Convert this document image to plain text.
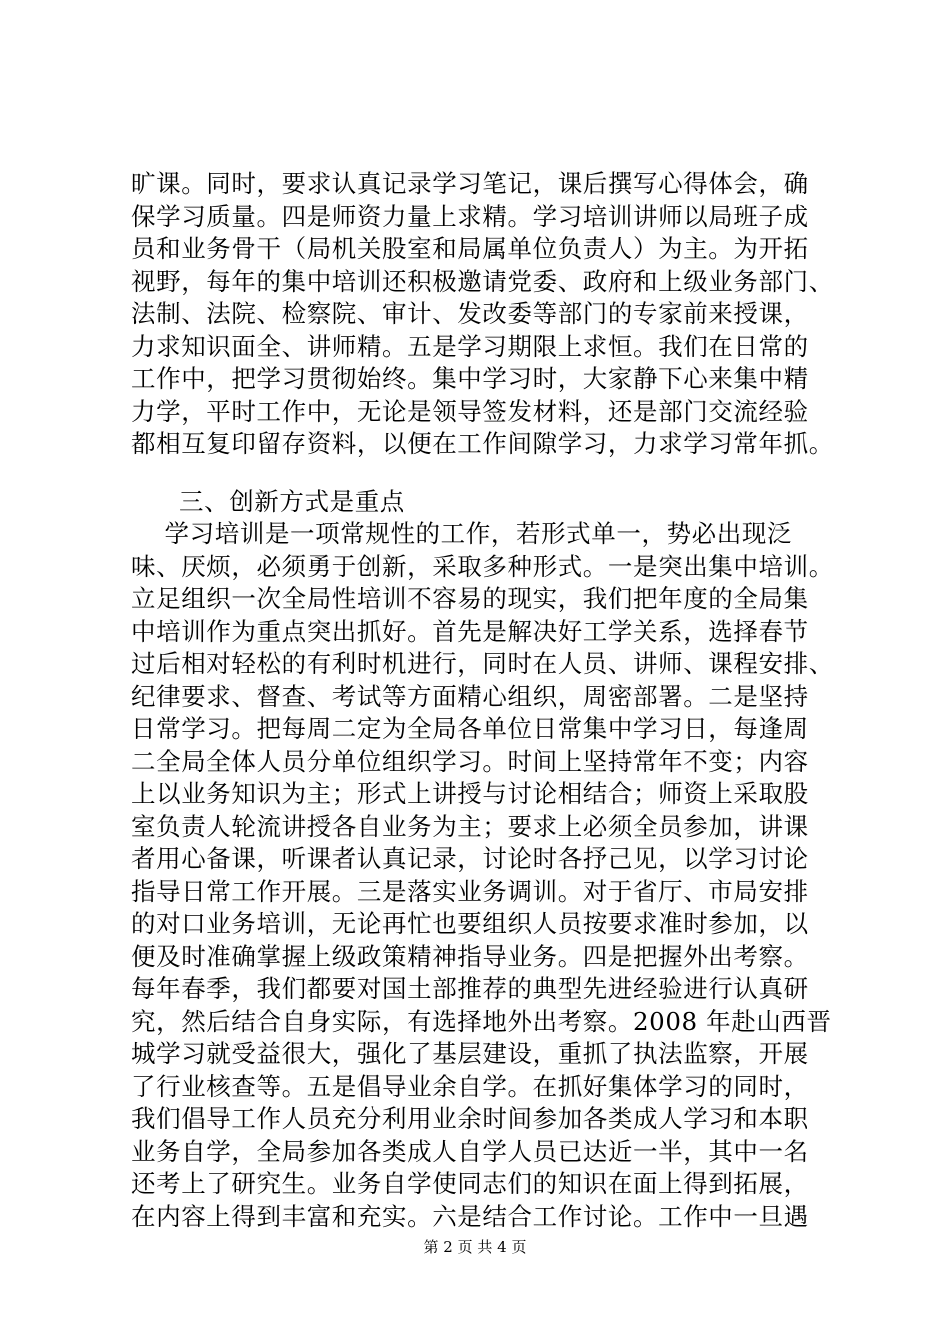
旷课。同时，要求认真记录学习笔记，课后撰写心得体会，确
保学习质量。四是师资力量上求精。学习培训讲师以局班子成
员和业务骨干（局机关股室和局属单位负责人）为主。为开拓
视野，每年的集中培训还积极邀请党委、政府和上级业务部门、
法制、法院、检察院、审计、发改委等部门的专家前来授课，
力求知识面全、讲师精。五是学习期限上求恒。我们在日常的
工作中，把学习贯彻始终。集中学习时，大家静下心来集中精
力学，平时工作中，无论是领导签发材料，还是部门交流经验
都相互复印留存资料，以便在工作间隙学习，力求学习常年抓。
三、创新方式是重点
学习培训是一项常规性的工作，若形式单一，势必出现泛
味、厌烦，必须勇于创新，采取多种形式。一是突出集中培训。
立足组织一次全局性培训不容易的现实，我们把年度的全局集
中培训作为重点突出抓好。首先是解决好工学关系，选择春节
过后相对轻松的有利时机进行，同时在人员、讲师、课程安排、
纪律要求、督查、考试等方面精心组织，周密部署。二是坚持
日常学习。把每周二定为全局各单位日常集中学习日，每逢周
二全局全体人员分单位组织学习。时间上坚持常年不变；内容
上以业务知识为主；形式上讲授与讨论相结合；师资上采取股
室负责人轮流讲授各自业务为主；要求上必须全员参加，讲课
者用心备课，听课者认真记录，讨论时各抒己见，以学习讨论
指导日常工作开展。三是落实业务调训。对于省厅、市局安排
的对口业务培训，无论再忙也要组织人员按要求准时参加，以
便及时准确掌握上级政策精神指导业务。四是把握外出考察。
每年春季，我们都要对国土部推荐的典型先进经验进行认真研
究，然后结合自身实际，有选择地外出考察。2008 年赴山西晋
城学习就受益很大，强化了基层建设，重抓了执法监察，开展
了行业核查等。五是倡导业余自学。在抓好集体学习的同时，
我们倡导工作人员充分利用业余时间参加各类成人学习和本职
业务自学，全局参加各类成人自学人员已达近一半，其中一名
还考上了研究生。业务自学使同志们的知识在面上得到拓展，
在内容上得到丰富和充实。六是结合工作讨论。工作中一旦遇
第 2 页 共 4 页
